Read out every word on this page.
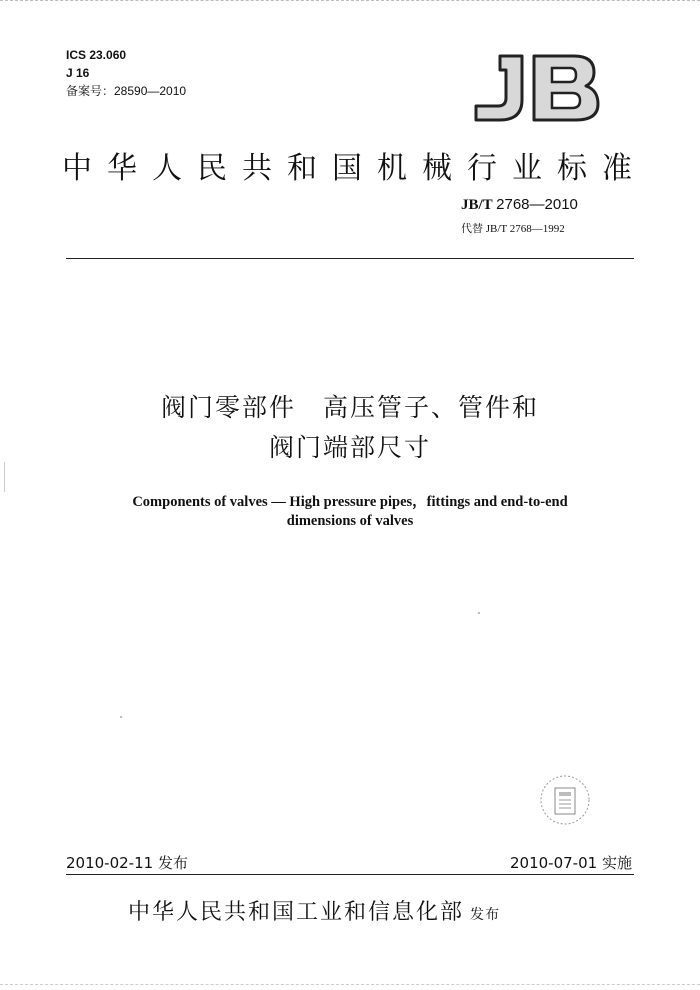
ICS 23.060
J 16
备案号：28590—2010
中华人民共和国机械行业标准
JB/T 2768—2010
代替 JB/T 2768—1992
阀门零部件　高压管子、管件和
阀门端部尺寸
Components of valves — High pressure pipes，fittings and end-to-end
dimensions of valves
2010-02-11 发布	2010-07-01 实施
中华人民共和国工业和信息化部 发布
